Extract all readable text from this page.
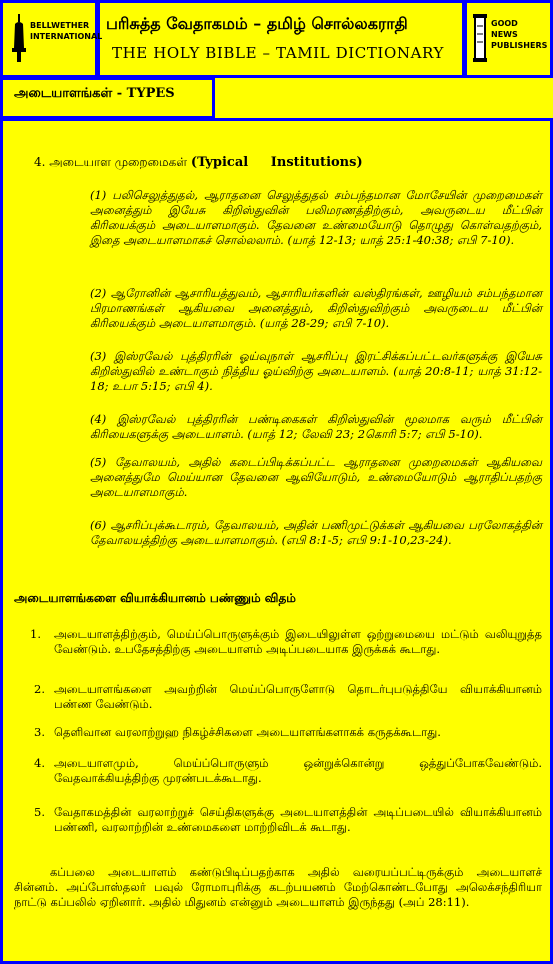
BELLWETHER INTERNATIONAL
பரிசுத்த வேதாகமம் – தமிழ் சொல்லகராதி
THE HOLY BIBLE – TAMIL DICTIONARY
GOOD NEWS PUBLISHERS
அடையாளங்கள் - TYPES
4. அடையாள முறைமைகள் (Typical     Institutions)
(1) பலிசெலுத்துதல், ஆராதனை செலுத்துதல் சம்பந்தமான மோசேயின் முறைமைகள் அனைத்தும் இயேசு கிறிஸ்துவின் பலிமரணத்திற்கும், அவருடைய மீட்பின் கிரியைக்கும் அடையாளமாகும். தேவனை உண்மையோடு தொழுது கொள்வதற்கும், இதை அடையாளமாகச் சொல்லலாம். (யாத் 12-13; யாத் 25:1-40:38; எபி 7-10).
(2) ஆரோனின் ஆசாரியத்துவம், ஆசாரியர்களின் வஸ்திரங்கள், ஊழியம் சம்பந்தமான பிரமாணங்கள் ஆகியவை அனைத்தும், கிறிஸ்துவிற்கும் அவருடைய மீட்பின் கிரியைக்கும் அடையாளமாகும். (யாத் 28-29; எபி 7-10).
(3) இஸ்ரவேல் புத்திரரின் ஓய்வுநாள் ஆசரிப்பு இரட்சிக்கப்பட்டவர்களுக்கு இயேசு கிறிஸ்துவில் உண்டாகும் நித்திய ஓய்விற்கு அடையாளம். (யாத் 20:8-11; யாத் 31:12-18; உபா 5:15; எபி 4).
(4) இஸ்ரவேல் புத்திரரின் பண்டிகைகள் கிறிஸ்துவின் மூலமாக வரும் மீட்பின் கிரியைகளுக்கு அடையாளம். (யாத் 12; லேவி 23; 2கொரி 5:7; எபி 5-10).
(5) தேவாலயம், அதில் கடைப்பிடிக்கப்பட்ட ஆராதனை முறைமைகள் ஆகியவை அனைத்துமே மெய்யான தேவனை ஆவியோடும், உண்மையோடும் ஆராதிப்பதற்கு அடையாளமாகும்.
(6) ஆசரிப்புக்கூடாரம், தேவாலயம், அதின் பணிமுட்டுக்கள் ஆகியவை பரலோகத்தின் தேவாலயத்திற்கு அடையாளமாகும். (எபி 8:1-5; எபி 9:1-10,23-24).
அடையாளங்களை வியாக்கியானம் பண்ணும் விதம்
1.	அடையாளத்திற்கும், மெய்ப்பொருளுக்கும் இடையிலுள்ள ஒற்றுமையை மட்டும் வலியுறுத்த வேண்டும். உபதேசத்திற்கு அடையாளம் அடிப்படையாக இருக்கக் கூடாது.
2. அடையாளங்களை அவற்றின் மெய்ப்பொருளோடு தொடர்புபடுத்தியே வியாக்கியானம் பண்ண வேண்டும்.
3. தெளிவான வரலாற்றுஹ நிகழ்ச்சிகளை அடையாளங்களாகக் கருதக்கூடாது.
4. அடையாளமும், மெய்ப்பொருளும் ஒன்றுக்கொன்று ஒத்துப்போகவேண்டும். வேதவாக்கியத்திற்கு முரண்படக்கூடாது.
5. வேதாகமத்தின் வரலாற்றுச் செய்திகளுக்கு அடையாளத்தின் அடிப்படையில் வியாக்கியானம் பண்ணி, வரலாற்றின் உண்மைகளை மாற்றிவிடக் கூடாது.
கப்பலை அடையாளம் கண்டுபிடிப்பதற்காக அதில் வரையப்பட்டிருக்கும் அடையாளச் சின்னம். அப்போஸ்தலர் பவுல் ரோமாபுரிக்கு கடற்பயணம் மேற்கொண்டபோது அலெக்சந்திரியா நாட்டு கப்பலில் ஏறினார். அதில் மிதுனம் என்னும் அடையாளம் இருந்தது (அப் 28:11).
